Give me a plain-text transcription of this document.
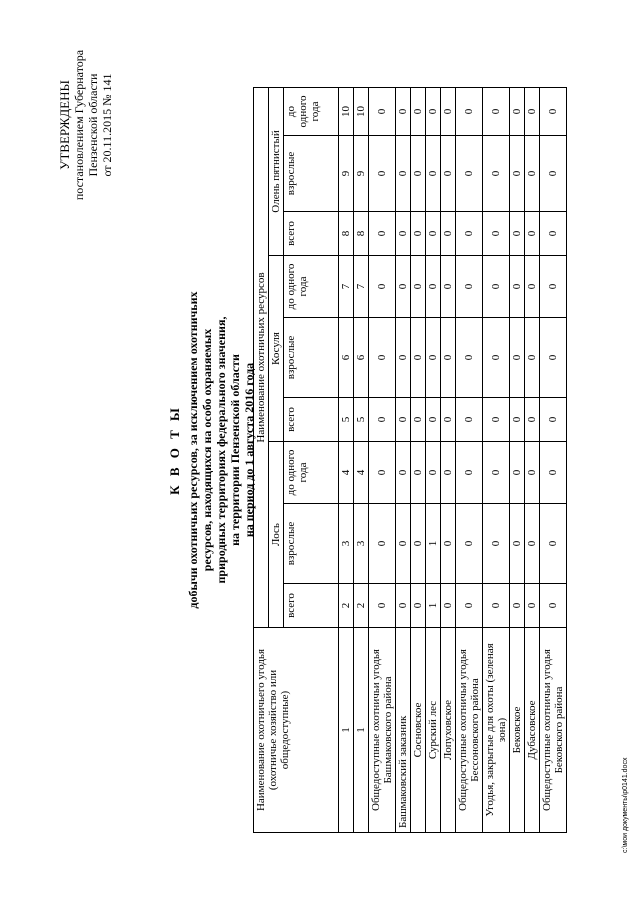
УТВЕРЖДЕНЫ постановлением Губернатора Пензенской области от 20.11.2015 № 141
К В О Т Ы добычи охотничьих ресурсов, за исключением охотничьих ресурсов, находящихся на особо охраняемых природных территориях федерального значения, на территории Пензенской области на период до 1 августа 2016 года
Наименование охотничьего угодья (охотничье хозяйство или общедоступные)	Наименование охотничьих ресурсов								
	Лось			Косуля			Олень пятнистый		
	всего	взрослые	до одного года	всего	взрослые	до одного года	всего	взрослые	до одного года
1	2	3	4	5	6	7	8	9	10
1	2	3	4	5	6	7	8	9	10
Общедоступные охотничьи угодья Башмаковского района	0	0	0	0	0	0	0	0	0
Башмаковский заказник	0	0	0	0	0	0	0	0	0
Сосновское	0	0	0	0	0	0	0	0	0
Сурский лес	1	1	0	0	0	0	0	0	0
Лопуховское	0	0	0	0	0	0	0	0	0
Общедоступные охотничьи угодья Бессоновского района	0	0	0	0	0	0	0	0	0
Угодья, закрытые для охоты (зеленая зона)	0	0	0	0	0	0	0	0	0
Бековское	0	0	0	0	0	0	0	0	0
Дубасовское	0	0	0	0	0	0	0	0	0
Общедоступные охотничьи угодья Бековского района	0	0	0	0	0	0	0	0	0
c:\мои документы\р0141.docx
